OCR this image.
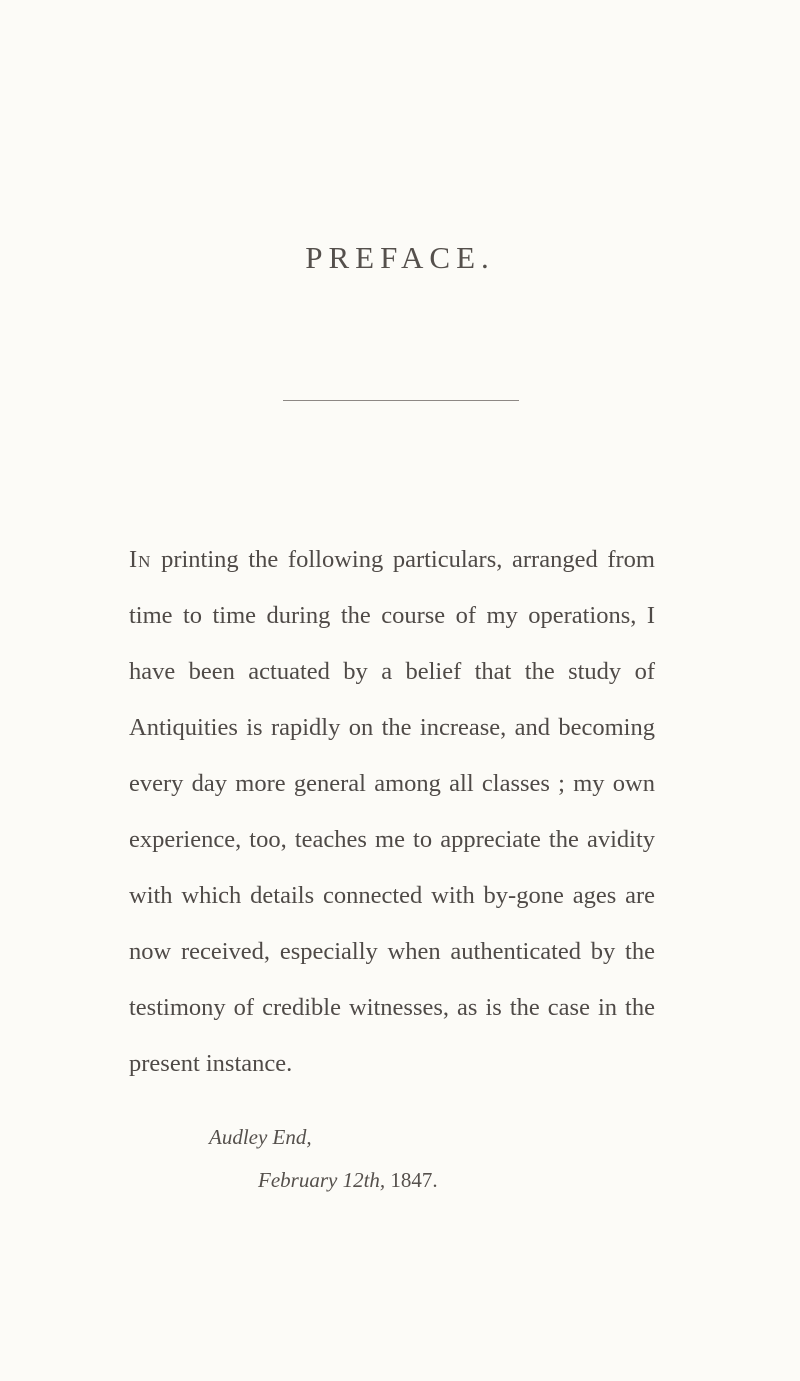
PREFACE.

In printing the following particulars, arranged from time to time during the course of my operations, I have been actuated by a belief that the study of Antiquities is rapidly on the increase, and becoming every day more general among all classes ; my own experience, too, teaches me to appreciate the avidity with which details connected with by-gone ages are now received, especially when authenticated by the testimony of credible witnesses, as is the case in the present instance.

Audley End,
February 12th, 1847.
